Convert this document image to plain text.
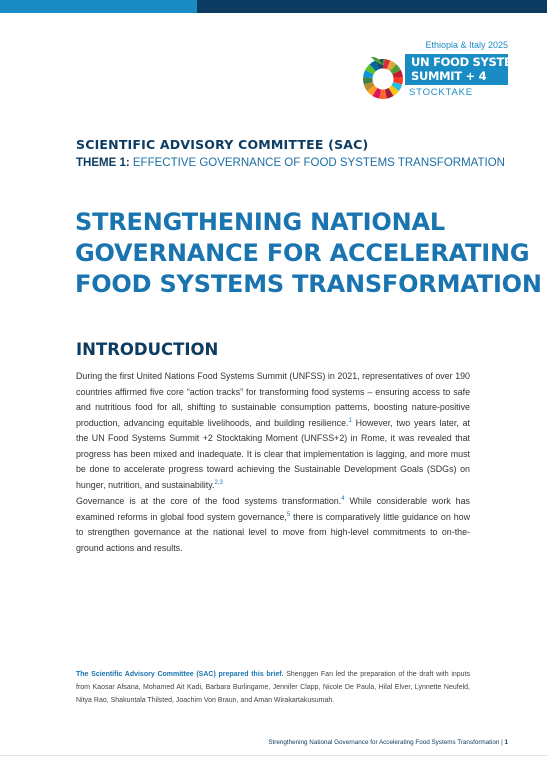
Ethiopia & Italy 2025
UN FOOD SYSTEMS
SUMMIT + 4
STOCKTAKE
SCIENTIFIC ADVISORY COMMITTEE (SAC)
THEME 1: EFFECTIVE GOVERNANCE OF FOOD SYSTEMS TRANSFORMATION
STRENGTHENING NATIONAL
GOVERNANCE FOR ACCELERATING
FOOD SYSTEMS TRANSFORMATION
INTRODUCTION

During the first United Nations Food Systems Summit (UNFSS) in 2021, representatives of over 190 countries affirmed five core “action tracks” for transforming food systems – ensuring access to safe and nutritious food for all, shifting to sustainable consumption patterns, boosting nature-positive production, advancing equitable livelihoods, and building resilience.$^1$ However, two years later, at the UN Food Systems Summit +2 Stocktaking Moment (UNFSS+2) in Rome, it was revealed that progress has been mixed and inadequate. It is clear that implementation is lagging, and more must be done to accelerate progress toward achieving the Sustainable Development Goals (SDGs) on hunger, nutrition, and sustainability.$^{2,3}$

Governance is at the core of the food systems transformation.$^4$ While considerable work has examined reforms in global food system governance,$^5$ there is comparatively little guidance on how to strengthen governance at the national level to move from high-level commitments to on-the-ground actions and results.

The Scientific Advisory Committee (SAC) prepared this brief. Shenggen Fan led the preparation of the draft with inputs from Kaosar Afsana, Mohamed Ait Kadi, Barbara Burlingame, Jennifer Clapp, Nicole De Paula, Hilal Elver, Lynnette Neufeld, Nitya Rao, Shakuntala Thilsted, Joachim Von Braun, and Aman Wirakartakusumah.

Strengthening National Governance for Accelerating Food Systems Transformation | 1
